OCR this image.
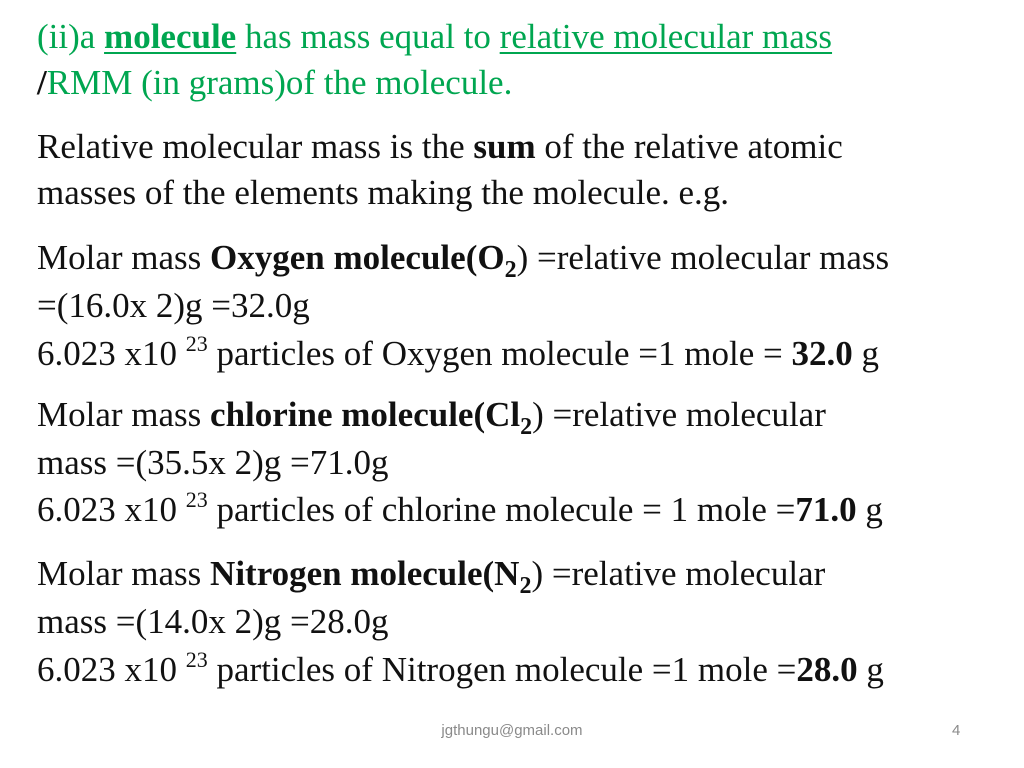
(ii)a molecule has mass equal to relative molecular mass
/RMM (in grams)of the molecule.
Relative molecular mass is the sum of the relative atomic
masses of the elements making the molecule. e.g.
Molar mass Oxygen $molecule(O_2)$ =relative molecular mass
=(16.0x 2)g =32.0g
6.023 x10 $^{23}$ particles of Oxygen molecule =1 mole = 32.0 g
Molar mass chlorine $molecule(Cl_2)$ =relative molecular
mass =(35.5x 2)g =71.0g
6.023 x10 $^{23}$ particles of chlorine molecule = 1 mole =71.0 g
Molar mass Nitrogen $molecule(N_2)$ =relative molecular
mass =(14.0x 2)g =28.0g
6.023 x10 $^{23}$ particles of Nitrogen molecule =1 mole =28.0 g
jgthungu@gmail.com	4
